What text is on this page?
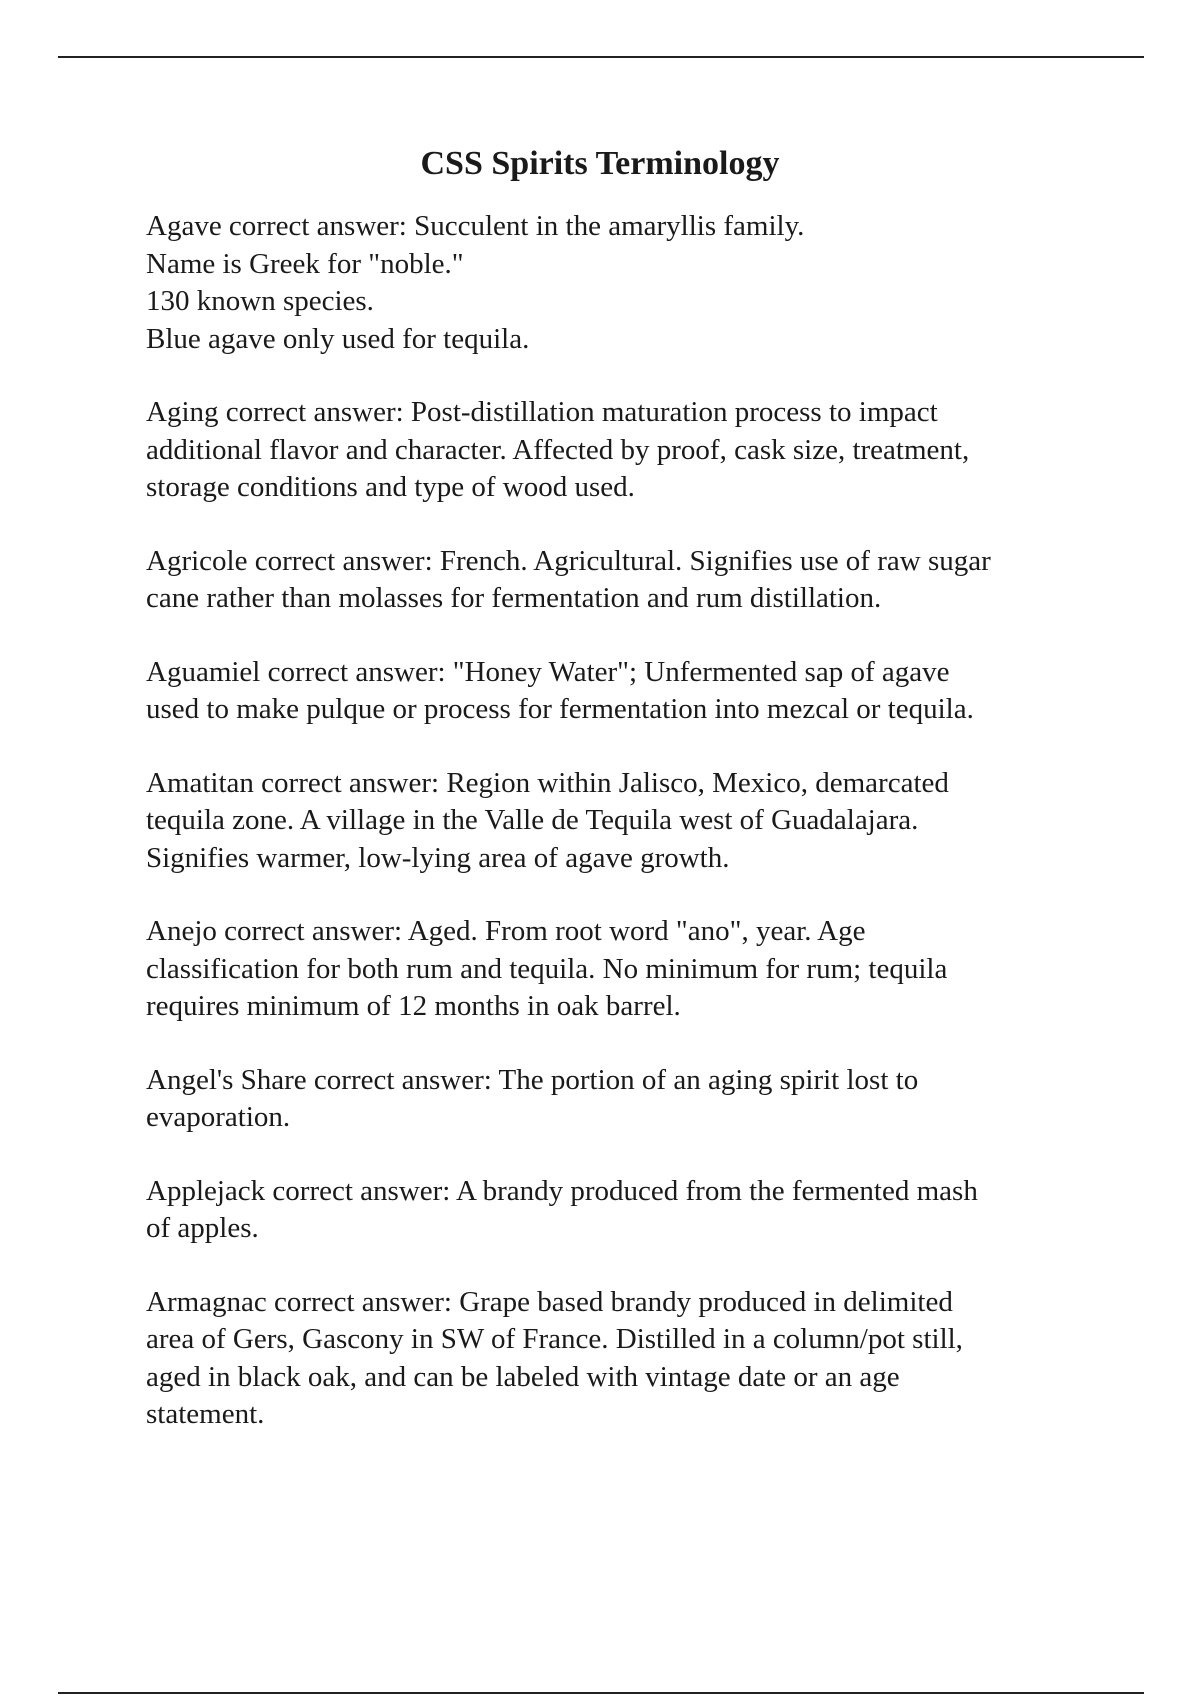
CSS Spirits Terminology
Agave correct answer: Succulent in the amaryllis family.
Name is Greek for "noble."
130 known species.
Blue agave only used for tequila.
Aging correct answer: Post-distillation maturation process to impact
additional flavor and character. Affected by proof, cask size, treatment,
storage conditions and type of wood used.
Agricole correct answer: French. Agricultural. Signifies use of raw sugar
cane rather than molasses for fermentation and rum distillation.
Aguamiel correct answer: "Honey Water"; Unfermented sap of agave
used to make pulque or process for fermentation into mezcal or tequila.
Amatitan correct answer: Region within Jalisco, Mexico, demarcated
tequila zone. A village in the Valle de Tequila west of Guadalajara.
Signifies warmer, low-lying area of agave growth.
Anejo correct answer: Aged. From root word "ano", year. Age
classification for both rum and tequila. No minimum for rum; tequila
requires minimum of 12 months in oak barrel.
Angel's Share correct answer: The portion of an aging spirit lost to
evaporation.
Applejack correct answer: A brandy produced from the fermented mash
of apples.
Armagnac correct answer: Grape based brandy produced in delimited
area of Gers, Gascony in SW of France. Distilled in a column/pot still,
aged in black oak, and can be labeled with vintage date or an age
statement.
